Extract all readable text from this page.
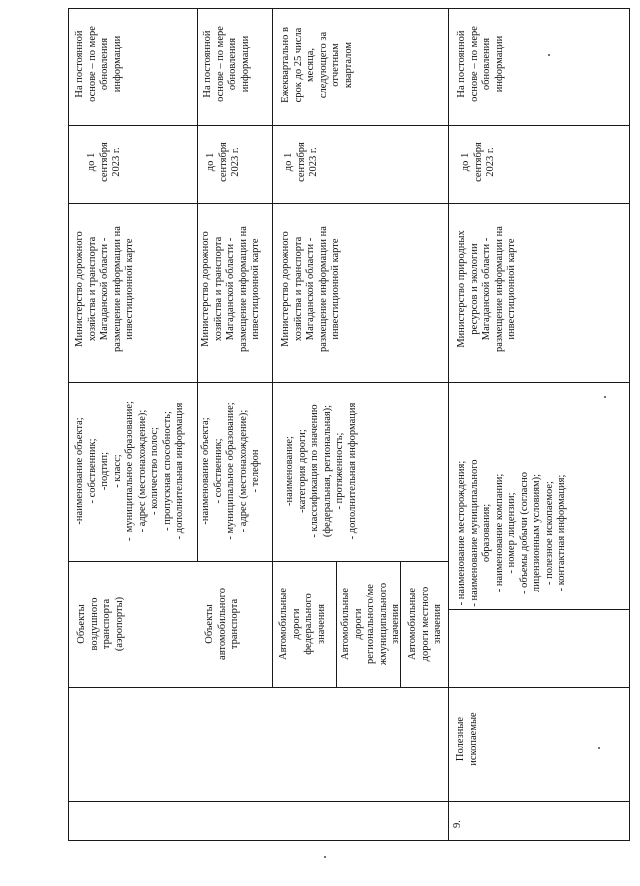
9.
Полезные
ископаемые
Объекты
воздушного
транспорта
(аэропорты)
-наименование объекта;
- собственник;
-подтип;
- класс;
-  муниципальное образование;
- адрес (местонахождение);
- количество полос;
- пропускная способность;
- дополнительная информация
Министерство дорожного
хозяйства и транспорта
Магаданской области -
размещение информации на
инвестиционной карте
до 1
сентября
2023 г.
На постоянной
основе – по мере
обновления
информации
Объекты
автомобильного
транспорта
-наименование объекта;
- собственник;
- муниципальное образование;
- адрес (местонахождение);
- телефон
Министерство дорожного
хозяйства и транспорта
Магаданской области -
размещение информации на
инвестиционной карте
до 1
сентября
2023 г.
На постоянной
основе – по мере
обновления
информации
Автомобильные
дороги
федерального
значения Автомобильные
дороги
регионального/ме
жмуниципального
значения Автомобильные
дороги местного
значения
-наименование;
-категория дороги;
- классификация по значению
(федеральная, региональная);
- протяженность;
- дополнительная информация
Министерство дорожного
хозяйства и транспорта
Магаданской области -
размещение информации на
инвестиционной карте
до 1
сентября
2023 г.
Ежеквартально в
срок до 25 числа
месяца,
следующего за
отчетным
кварталом
- наименование месторождения;
- наименование муниципального
образования;
- наименование компании;
- номер лицензии;
- объемы добычи (согласно
лицензионным условиям);
- полезное ископаемое;
- контактная информация;
Министерство природных
ресурсов и экологии
Магаданской области -
размещение информации на
инвестиционной карте
до 1
сентября
2023 г.
На постоянной
основе – по мере
обновления
информации
